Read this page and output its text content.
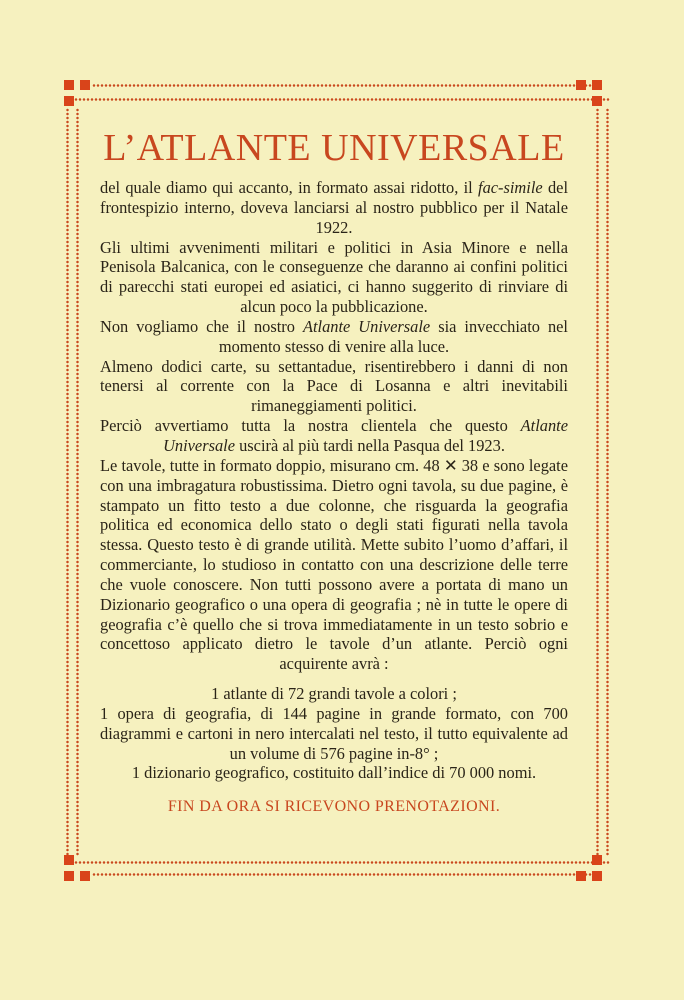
L’ATLANTE UNIVERSALE

del quale diamo qui accanto, in formato assai ridotto, il fac-simile del frontespizio interno, doveva lanciarsi al nostro pubblico per il Natale 1922.

Gli ultimi avvenimenti militari e politici in Asia Minore e nella Penisola Balcanica, con le conseguenze che daranno ai confini politici di parecchi stati europei ed asiatici, ci hanno suggerito di rinviare di alcun poco la pubblicazione.

Non vogliamo che il nostro Atlante Universale sia invecchiato nel momento stesso di venire alla luce.

Almeno dodici carte, su settantadue, risentirebbero i danni di non tenersi al corrente con la Pace di Losanna e altri inevitabili rimaneggiamenti politici.

Perciò avvertiamo tutta la nostra clientela che questo Atlante Universale uscirà al più tardi nella Pasqua del 1923.

Le tavole, tutte in formato doppio, misurano cm. 48 ✕ 38 e sono legate con una imbragatura robustissima. Dietro ogni tavola, su due pagine, è stampato un fitto testo a due colonne, che risguarda la geografia politica ed economica dello stato o degli stati figurati nella tavola stessa. Questo testo è di grande utilità. Mette subito l’uomo d’affari, il commerciante, lo studioso in contatto con una descrizione delle terre che vuole conoscere. Non tutti possono avere a portata di mano un Dizionario geografico o una opera di geografia ; nè in tutte le opere di geografia c’è quello che si trova immediatamente in un testo sobrio e concettoso applicato dietro le tavole d’un atlante. Perciò ogni acquirente avrà :

1 atlante di 72 grandi tavole a colori ;

1 opera di geografia, di 144 pagine in grande formato, con 700 diagrammi e cartoni in nero intercalati nel testo, il tutto equivalente ad un volume di 576 pagine in-8° ;

1 dizionario geografico, costituito dall’indice di 70 000 nomi.

FIN DA ORA SI RICEVONO PRENOTAZIONI.
